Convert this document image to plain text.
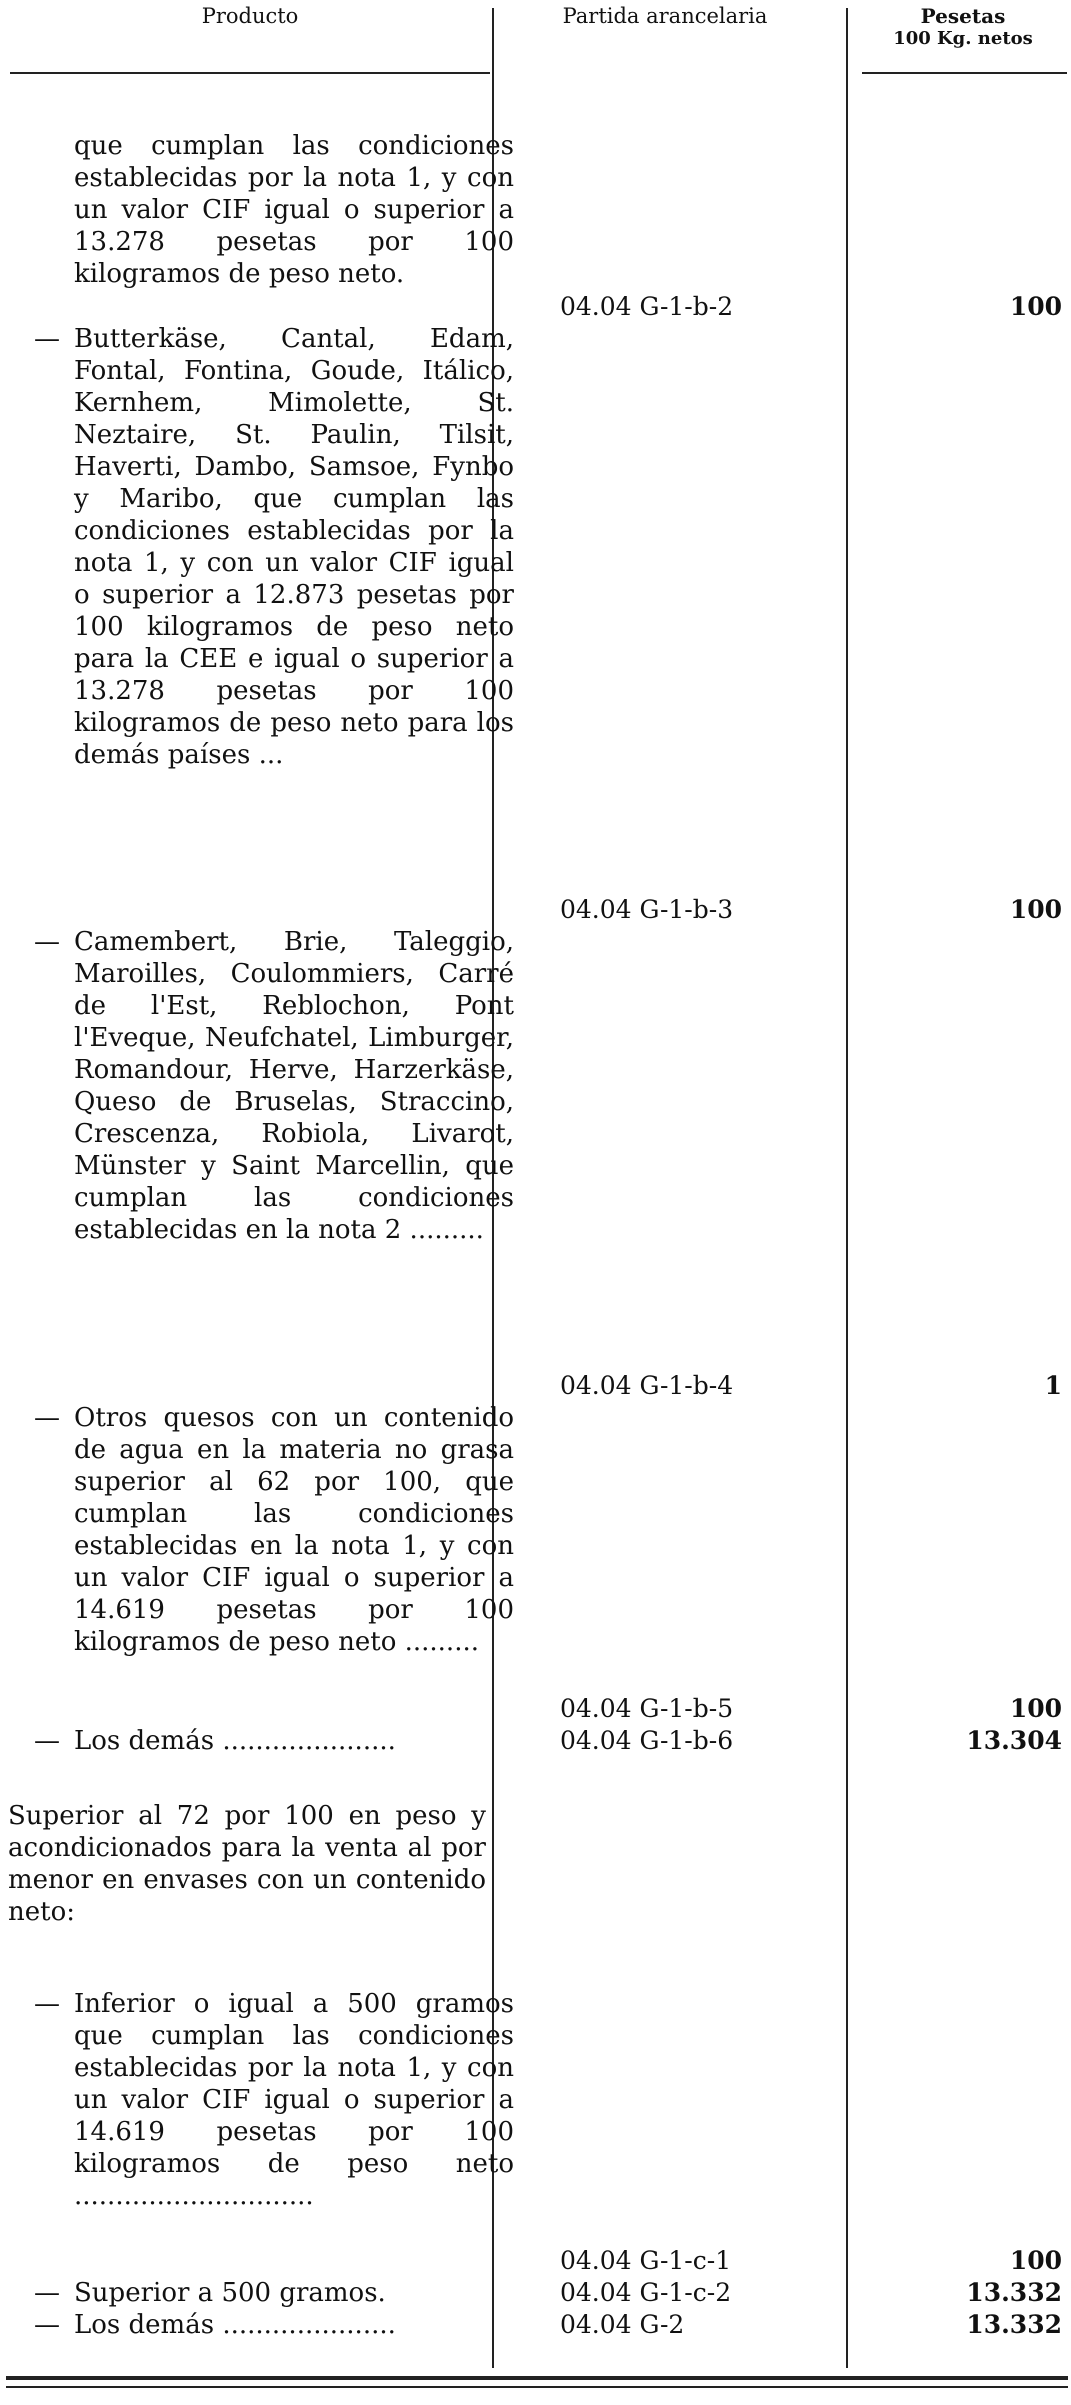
Producto	Partida arancelaria	Pesetas
100 Kg. netos
que cumplan las condiciones establecidas por la nota 1, y con un valor CIF igual o superior a 13.278 pesetas por 100 kilogramos de peso neto.
04.04 G-1-b-2	100
— Butterkäse, Cantal, Edam, Fontal, Fontina, Goude, Itálico, Kernhem, Mimolette, St. Neztaire, St. Paulin, Tilsit, Haverti, Dambo, Samsoe, Fynbo y Maribo, que cumplan las condiciones establecidas por la nota 1, y con un valor CIF igual o superior a 12.873 pesetas por 100 kilogramos de peso neto para la CEE e igual o superior a 13.278 pesetas por 100 kilogramos de peso neto para los demás países ...
04.04 G-1-b-3	100
— Camembert, Brie, Taleggio, Maroilles, Coulommiers, Carré de l'Est, Reblochon, Pont l'Eveque, Neufchatel, Limburger, Romandour, Herve, Harzerkäse, Queso de Bruselas, Straccino, Crescenza, Robiola, Livarot, Münster y Saint Marcellin, que cumplan las condiciones establecidas en la nota 2 .........
04.04 G-1-b-4	1
— Otros quesos con un contenido de agua en la materia no grasa superior al 62 por 100, que cumplan las condiciones establecidas en la nota 1, y con un valor CIF igual o superior a 14.619 pesetas por 100 kilogramos de peso neto .........
04.04 G-1-b-5	100
— Los demás .....................	04.04 G-1-b-6	13.304
Superior al 72 por 100 en peso y acondicionados para la venta al por menor en envases con un contenido neto:
— Inferior o igual a 500 gramos que cumplan las condiciones establecidas por la nota 1, y con un valor CIF igual o superior a 14.619 pesetas por 100 kilogramos de peso neto .............................
04.04 G-1-c-1	100
— Superior a 500 gramos.	04.04 G-1-c-2	13.332
— Los demás .....................	04.04 G-2	13.332
